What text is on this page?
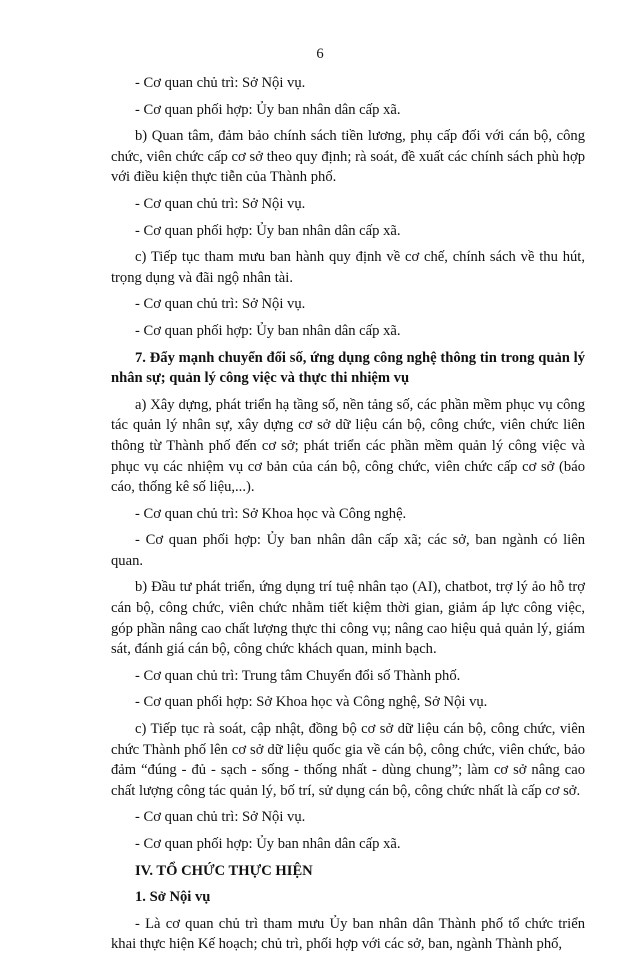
6

- Cơ quan chủ trì: Sở Nội vụ.

- Cơ quan phối hợp: Ủy ban nhân dân cấp xã.

b) Quan tâm, đảm bảo chính sách tiền lương, phụ cấp đối với cán bộ, công chức, viên chức cấp cơ sở theo quy định; rà soát, đề xuất các chính sách phù hợp với điều kiện thực tiễn của Thành phố.

- Cơ quan chủ trì: Sở Nội vụ.

- Cơ quan phối hợp: Ủy ban nhân dân cấp xã.

c) Tiếp tục tham mưu ban hành quy định về cơ chế, chính sách về thu hút, trọng dụng và đãi ngộ nhân tài.

- Cơ quan chủ trì: Sở Nội vụ.

- Cơ quan phối hợp: Ủy ban nhân dân cấp xã.

7. Đẩy mạnh chuyển đổi số, ứng dụng công nghệ thông tin trong quản lý nhân sự; quản lý công việc và thực thi nhiệm vụ

a) Xây dựng, phát triển hạ tầng số, nền tảng số, các phần mềm phục vụ công tác quản lý nhân sự, xây dựng cơ sở dữ liệu cán bộ, công chức, viên chức liên thông từ Thành phố đến cơ sở; phát triển các phần mềm quản lý công việc và phục vụ các nhiệm vụ cơ bản của cán bộ, công chức, viên chức cấp cơ sở (báo cáo, thống kê số liệu,...).

- Cơ quan chủ trì: Sở Khoa học và Công nghệ.

- Cơ quan phối hợp: Ủy ban nhân dân cấp xã; các sở, ban ngành có liên quan.

b) Đầu tư phát triển, ứng dụng trí tuệ nhân tạo (AI), chatbot, trợ lý ảo hỗ trợ cán bộ, công chức, viên chức nhằm tiết kiệm thời gian, giảm áp lực công việc, góp phần nâng cao chất lượng thực thi công vụ; nâng cao hiệu quả quản lý, giám sát, đánh giá cán bộ, công chức khách quan, minh bạch.

- Cơ quan chủ trì: Trung tâm Chuyển đổi số Thành phố.

- Cơ quan phối hợp: Sở Khoa học và Công nghệ, Sở Nội vụ.

c) Tiếp tục rà soát, cập nhật, đồng bộ cơ sở dữ liệu cán bộ, công chức, viên chức Thành phố lên cơ sở dữ liệu quốc gia về cán bộ, công chức, viên chức, bảo đảm “đúng - đủ - sạch - sống - thống nhất - dùng chung”; làm cơ sở nâng cao chất lượng công tác quản lý, bố trí, sử dụng cán bộ, công chức nhất là cấp cơ sở.

- Cơ quan chủ trì: Sở Nội vụ.

- Cơ quan phối hợp: Ủy ban nhân dân cấp xã.

IV. TỔ CHỨC THỰC HIỆN

1. Sở Nội vụ

- Là cơ quan chủ trì tham mưu Ủy ban nhân dân Thành phố tổ chức triển khai thực hiện Kế hoạch; chủ trì, phối hợp với các sở, ban, ngành Thành phố,
